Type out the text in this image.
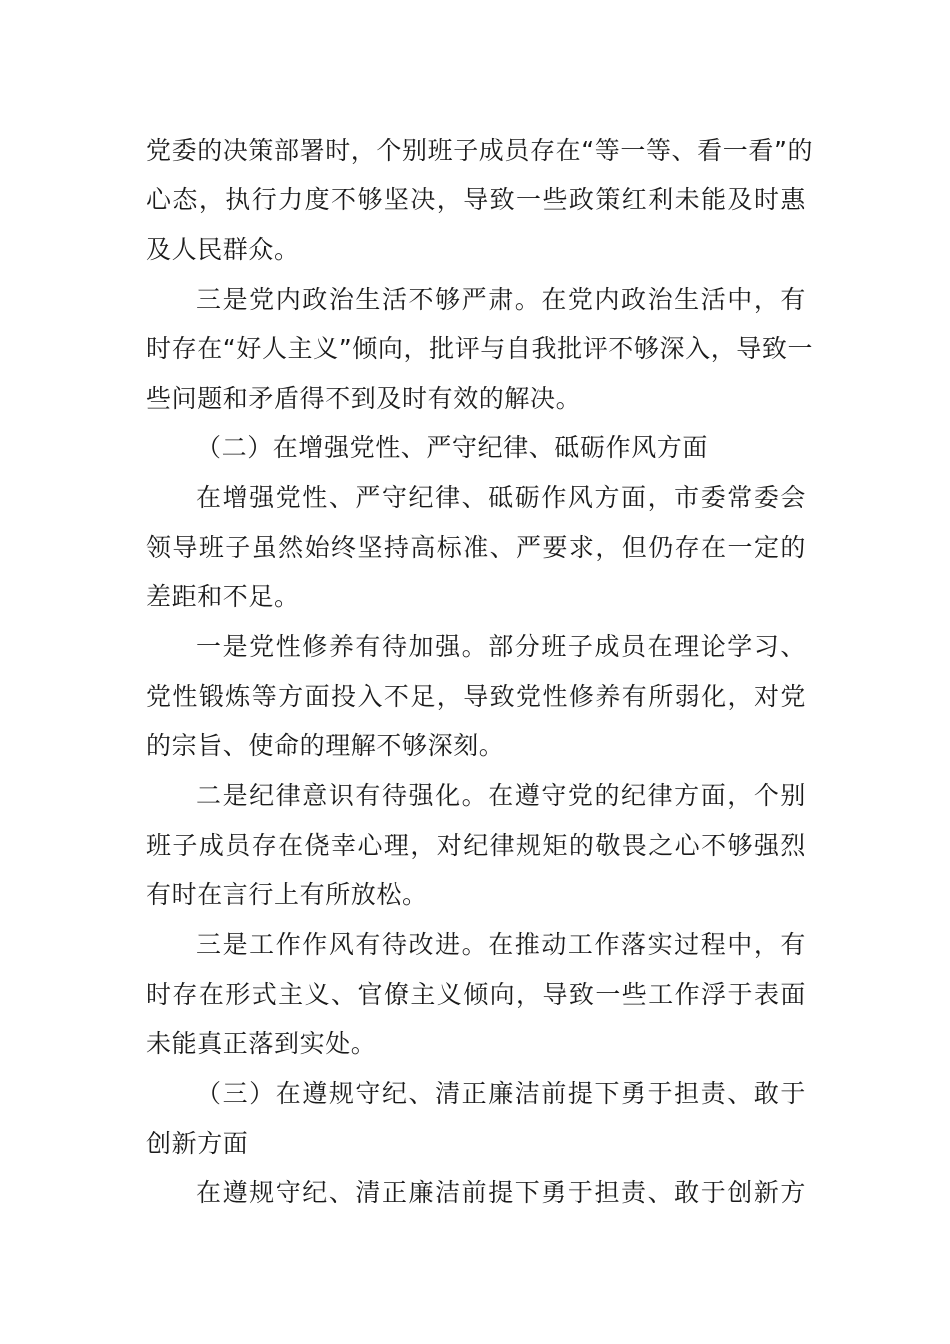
党委的决策部署时，个别班子成员存在“等一等、看一看”的
心态，执行力度不够坚决，导致一些政策红利未能及时惠
及人民群众。
三是党内政治生活不够严肃。在党内政治生活中，有
时存在“好人主义”倾向，批评与自我批评不够深入，导致一
些问题和矛盾得不到及时有效的解决。
（二）在增强党性、严守纪律、砥砺作风方面
在增强党性、严守纪律、砥砺作风方面，市委常委会
领导班子虽然始终坚持高标准、严要求，但仍存在一定的
差距和不足。
一是党性修养有待加强。部分班子成员在理论学习、
党性锻炼等方面投入不足，导致党性修养有所弱化，对党
的宗旨、使命的理解不够深刻。
二是纪律意识有待强化。在遵守党的纪律方面，个别
班子成员存在侥幸心理，对纪律规矩的敬畏之心不够强烈
有时在言行上有所放松。
三是工作作风有待改进。在推动工作落实过程中，有
时存在形式主义、官僚主义倾向，导致一些工作浮于表面
未能真正落到实处。
（三）在遵规守纪、清正廉洁前提下勇于担责、敢于
创新方面
在遵规守纪、清正廉洁前提下勇于担责、敢于创新方
